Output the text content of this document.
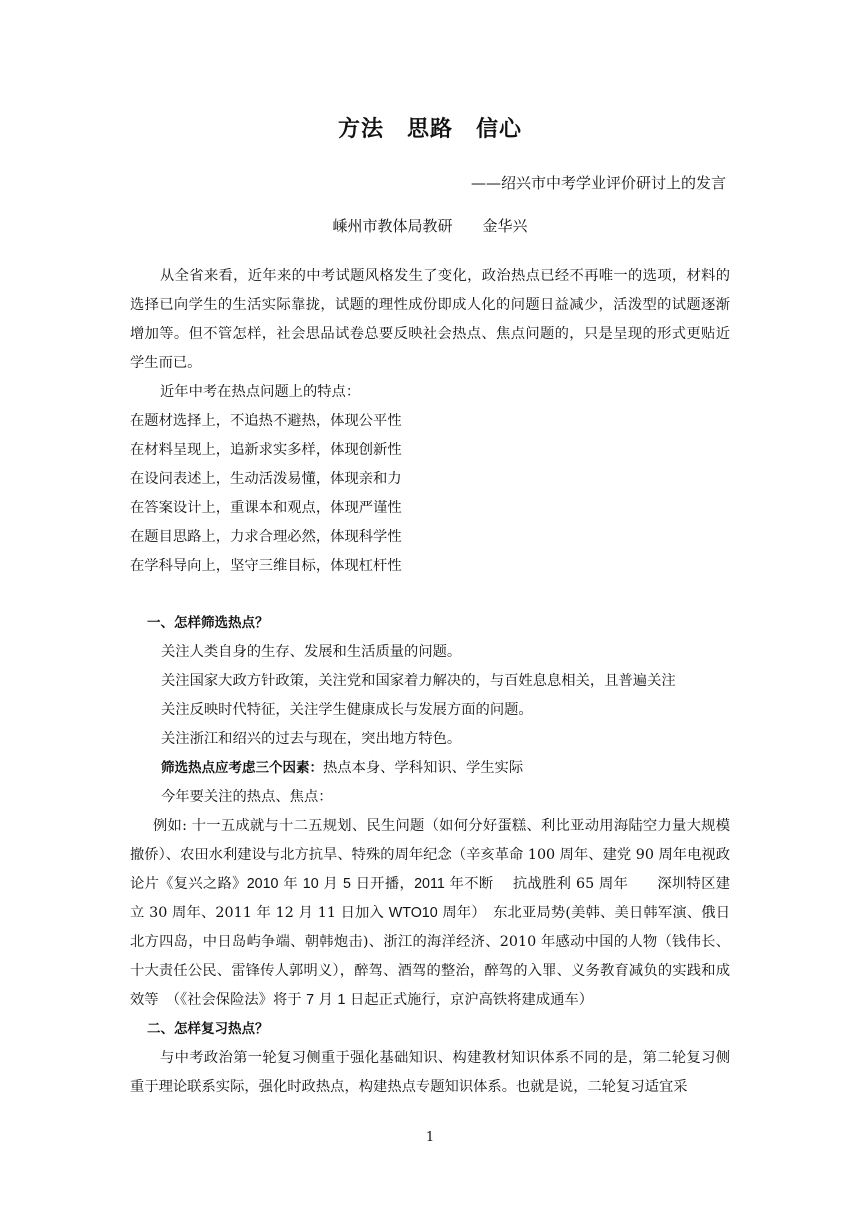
方法　思路　信心
——绍兴市中考学业评价研讨上的发言
嵊州市教体局教研　　金华兴
从全省来看，近年来的中考试题风格发生了变化，政治热点已经不再唯一的选项，材料的选择已向学生的生活实际靠拢，试题的理性成份即成人化的问题日益减少，活泼型的试题逐渐增加等。但不管怎样，社会思品试卷总要反映社会热点、焦点问题的，只是呈现的形式更贴近学生而已。
近年中考在热点问题上的特点：
在题材选择上，不追热不避热，体现公平性
在材料呈现上，追新求实多样，体现创新性
在设问表述上，生动活泼易懂，体现亲和力
在答案设计上，重课本和观点，体现严谨性
在题目思路上，力求合理必然，体现科学性
在学科导向上，坚守三维目标，体现杠杆性
一、怎样筛选热点？
关注人类自身的生存、发展和生活质量的问题。
关注国家大政方针政策，关注党和国家着力解决的，与百姓息息相关，且普遍关注
关注反映时代特征，关注学生健康成长与发展方面的问题。
关注浙江和绍兴的过去与现在，突出地方特色。
筛选热点应考虑三个因素：热点本身、学科知识、学生实际
今年要关注的热点、焦点：
例如: 十一五成就与十二五规划、民生问题（如何分好蛋糕、利比亚动用海陆空力量大规模撤侨）、农田水利建设与北方抗旱、特殊的周年纪念（辛亥革命 100 周年、建党 90 周年电视政论片《复兴之路》2010 年 10 月 5 日开播，2011 年不断　 抗战胜利 65 周年　　深圳特区建立 30 周年、2011 年 12 月 11 日加入 WTO10 周年）　东北亚局势(美韩、美日韩军演、俄日北方四岛，中日岛屿争端、朝韩炮击)、浙江的海洋经济、2010 年感动中国的人物（钱伟长、十大责任公民、雷锋传人郭明义），醉驾、酒驾的整治，醉驾的入罪、义务教育减负的实践和成效等　（《社会保险法》将于 7 月 1 日起正式施行，京沪高铁将建成通车）
二、怎样复习热点？
与中考政治第一轮复习侧重于强化基础知识、构建教材知识体系不同的是，第二轮复习侧重于理论联系实际，强化时政热点，构建热点专题知识体系。也就是说，二轮复习适宜采
1
